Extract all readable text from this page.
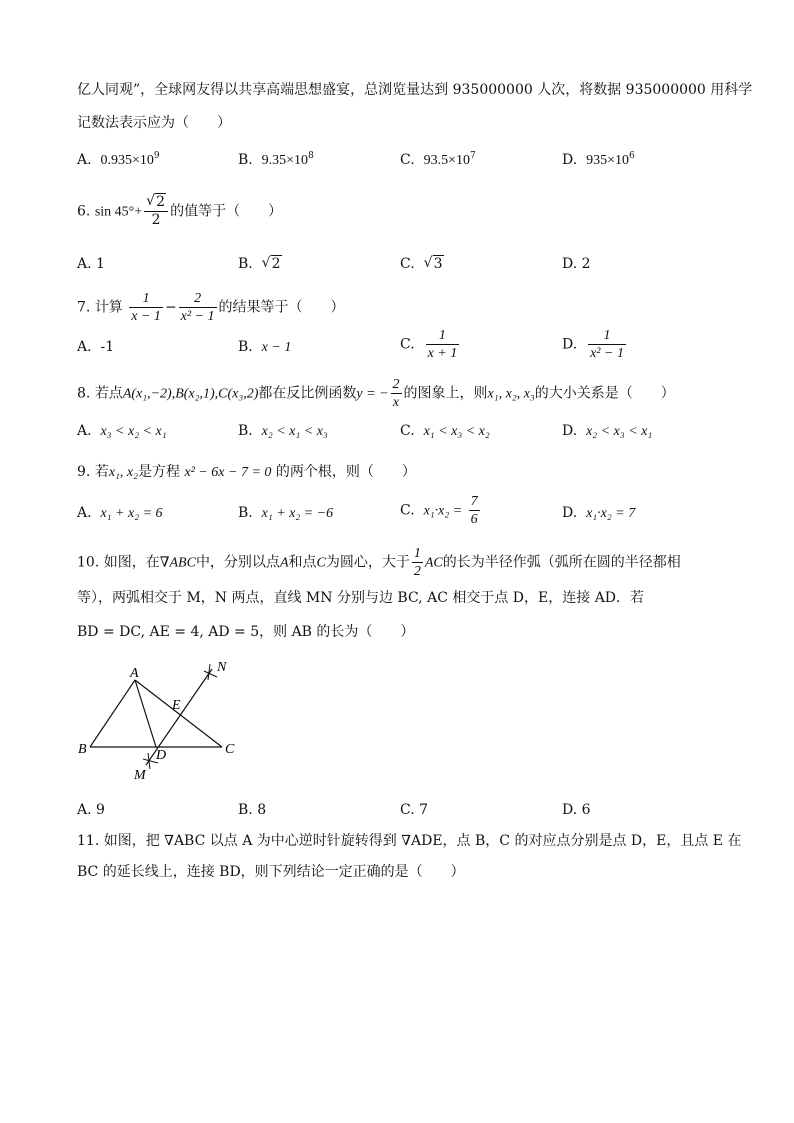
亿人同观”，全球网友得以共享高端思想盛宴，总浏览量达到 935000000 人次，将数据 935000000 用科学
记数法表示应为（　　）
A. $0.935\times 10^9$	B. $9.35\times 10^8$	C. $93.5\times 10^7$	D. $935\times 10^6$
6. sin 45°+ √ $\frac{2}{2}$ 的值等于（　　）
A. 1	B. √ 2	C. √ 3	D. 2
7. 计算 $\frac{1}{x - 1} - \frac{2}{\text{x² − 1}}$ 的结果等于（　　）
A. -1	B. x − 1	C. $\frac{1}{x + 1}$	D. $\frac{1}{\text{x² − 1}}$
8. 若点A(x₁,−2),B(x₂,1),C(x₃,2)都在反比例函数y = − $\frac{2}{x}$ 的图象上，则x₁, x₂, x₃的大小关系是（　　）
A. x₃ < x₂ < x₁	B. x₂ < x₁ < x₃	C. x₁ < x₃ < x₂	D. x₂ < x₃ < x₁
9. 若x₁, x₂是方程 x² − 6x − 7 = 0 的两个根，则（　　）
A. x₁ + x₂ = 6	B. x₁ + x₂ = −6	C. $x_1\cdot x_2 = \frac{7}{6}$	D. x₁·x₂ = 7
10. 如图，在∇ABC中，分别以点A和点C为圆心，大于 $\frac{1}{2}$ AC的长为半径作弧（弧所在圆的半径都相
等），两弧相交于 M，N 两点，直线 MN 分别与边 BC, AC 相交于点 D，E，连接 AD．若
BD = DC, AE = 4, AD = 5，则 AB 的长为（　　）
A
B	C
D
E
M
N
A. 9	B. 8	C. 7	D. 6
11. 如图，把 ∇ABC 以点 A 为中心逆时针旋转得到 ∇ADE，点 B，C 的对应点分别是点 D，E，且点 E 在
BC 的延长线上，连接 BD，则下列结论一定正确的是（　　）
